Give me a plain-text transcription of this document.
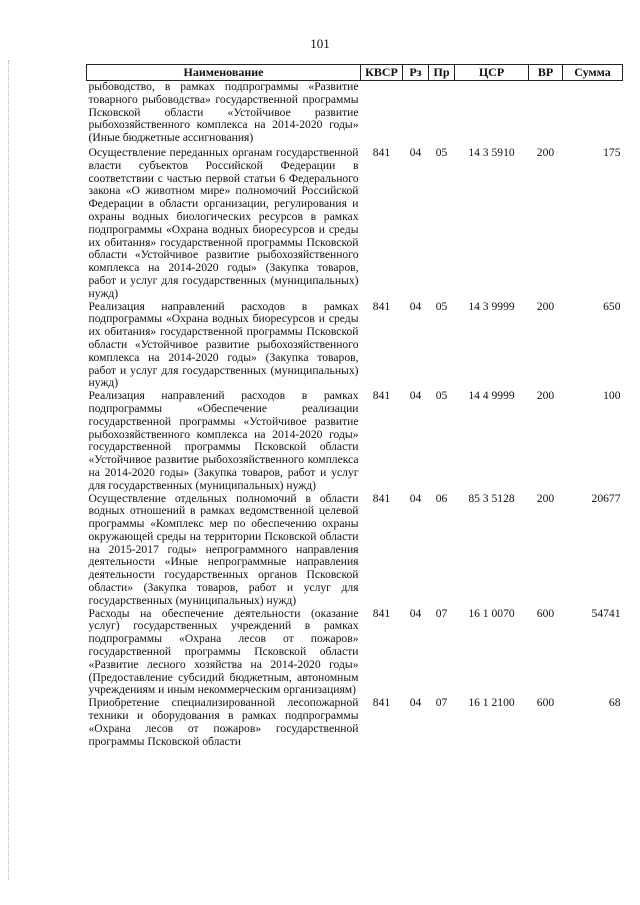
101
Наименование	КВСР	Рз	Пр	ЦСР	ВР	Сумма
рыбоводство, в рамках подпрограммы «Развитие товарного рыбоводства» государственной программы Псковской области «Устойчивое развитие рыбохозяйственного комплекса на 2014-2020 годы» (Иные бюджетные ассигнования)						
Осуществление переданных органам государственной власти субъектов Российской Федерации в соответствии с частью первой статьи 6 Федерального закона «О животном мире» полномочий Российской Федерации в области организации, регулирования и охраны водных биологических ресурсов в рамках подпрограммы «Охрана водных биоресурсов и среды их обитания» государственной программы Псковской области «Устойчивое развитие рыбохозяйственного комплекса на 2014-2020 годы» (Закупка товаров, работ и услуг для государственных (муниципальных) нужд)	841	04	05	14 3 5910	200	175
Реализация направлений расходов в рамках подпрограммы «Охрана водных биоресурсов и среды их обитания» государственной программы Псковской области «Устойчивое развитие рыбохозяйственного комплекса на 2014-2020 годы» (Закупка товаров, работ и услуг для государственных (муниципальных) нужд)	841	04	05	14 3 9999	200	650
Реализация направлений расходов в рамках подпрограммы «Обеспечение реализации государственной программы «Устойчивое развитие рыбохозяйственного комплекса на 2014-2020 годы» государственной программы Псковской области «Устойчивое развитие рыбохозяйственного комплекса на 2014-2020 годы» (Закупка товаров, работ и услуг для государственных (муниципальных) нужд)	841	04	05	14 4 9999	200	100
Осуществление отдельных полномочий в области водных отношений в рамках ведомственной целевой программы «Комплекс мер по обеспечению охраны окружающей среды на территории Псковской области на 2015-2017 годы» непрограммного направления деятельности «Иные непрограммные направления деятельности государственных органов Псковской области» (Закупка товаров, работ и услуг для государственных (муниципальных) нужд)	841	04	06	85 3 5128	200	20677
Расходы на обеспечение деятельности (оказание услуг) государственных учреждений в рамках подпрограммы «Охрана лесов от пожаров» государственной программы Псковской области «Развитие лесного хозяйства на 2014-2020 годы» (Предоставление субсидий бюджетным, автономным учреждениям и иным некоммерческим организациям)	841	04	07	16 1 0070	600	54741
Приобретение специализированной лесопожарной техники и оборудования в рамках подпрограммы «Охрана лесов от пожаров» государственной программы Псковской области	841	04	07	16 1 2100	600	68
